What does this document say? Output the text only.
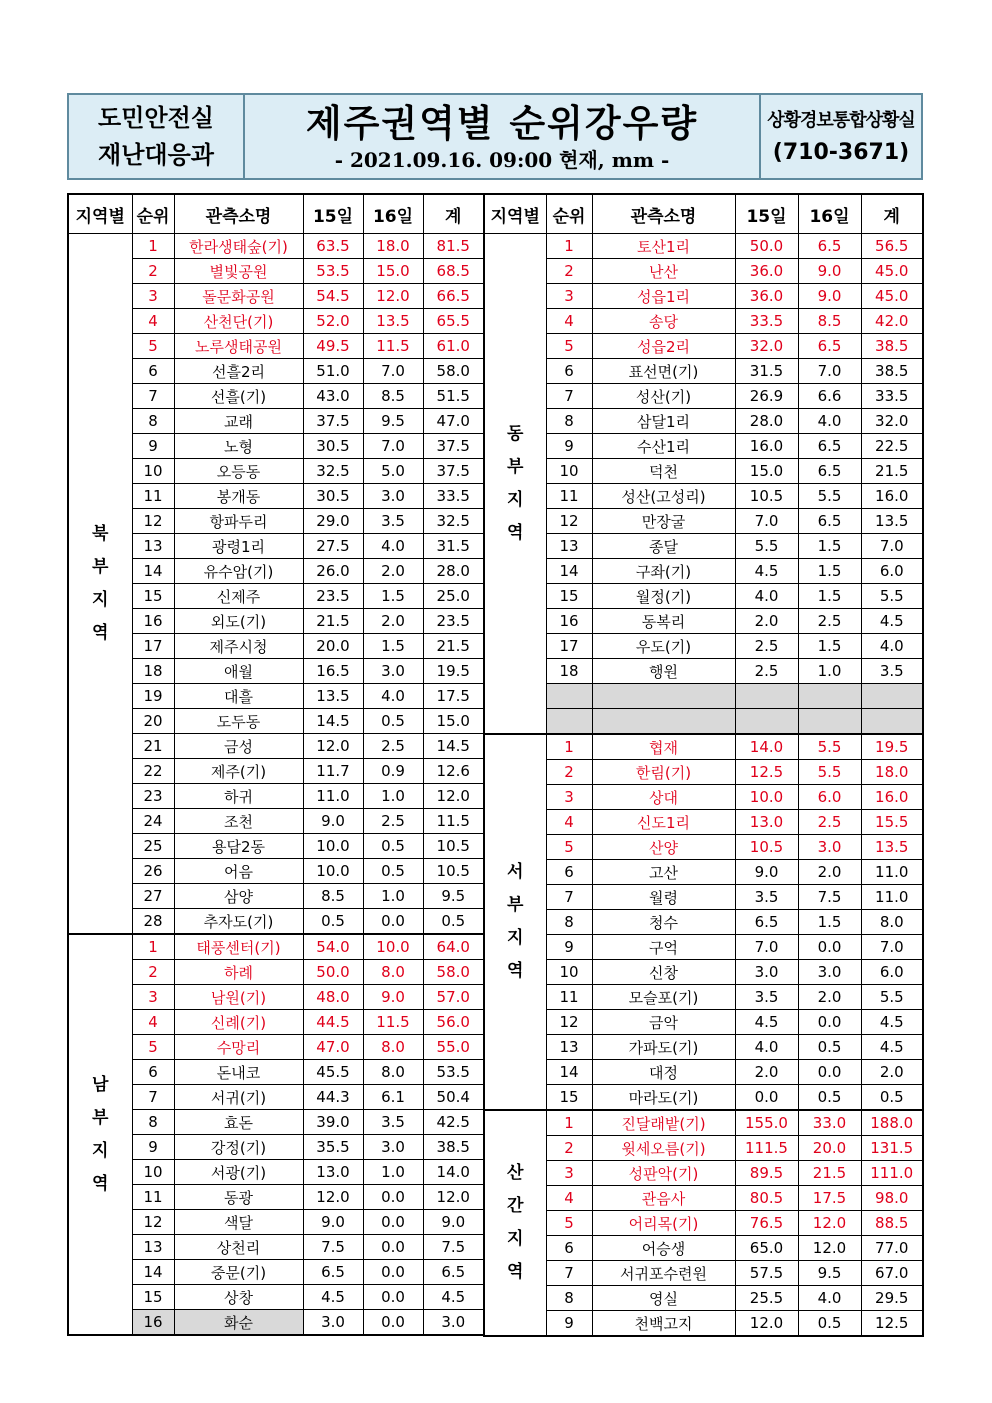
도민안전실
재난대응과
제주권역별 순위강우량
- 2021.09.16. 09:00 현재, mm -
상황경보통합상황실
(710-3671)
지역별	순위	관측소명	15일	16일	계
북
부
지
역	1	한라생태숲(기)	63.5	18.0	81.5
	2	별빛공원	53.5	15.0	68.5
	3	돌문화공원	54.5	12.0	66.5
	4	산천단(기)	52.0	13.5	65.5
	5	노루생태공원	49.5	11.5	61.0
	6	선흘2리	51.0	7.0	58.0
	7	선흘(기)	43.0	8.5	51.5
	8	교래	37.5	9.5	47.0
	9	노형	30.5	7.0	37.5
	10	오등동	32.5	5.0	37.5
	11	봉개동	30.5	3.0	33.5
	12	항파두리	29.0	3.5	32.5
	13	광령1리	27.5	4.0	31.5
	14	유수암(기)	26.0	2.0	28.0
	15	신제주	23.5	1.5	25.0
	16	외도(기)	21.5	2.0	23.5
	17	제주시청	20.0	1.5	21.5
	18	애월	16.5	3.0	19.5
	19	대흘	13.5	4.0	17.5
	20	도두동	14.5	0.5	15.0
	21	금성	12.0	2.5	14.5
	22	제주(기)	11.7	0.9	12.6
	23	하귀	11.0	1.0	12.0
	24	조천	9.0	2.5	11.5
	25	용담2동	10.0	0.5	10.5
	26	어음	10.0	0.5	10.5
	27	삼양	8.5	1.0	9.5
	28	추자도(기)	0.5	0.0	0.5
남
부
지
역	1	태풍센터(기)	54.0	10.0	64.0
	2	하례	50.0	8.0	58.0
	3	남원(기)	48.0	9.0	57.0
	4	신례(기)	44.5	11.5	56.0
	5	수망리	47.0	8.0	55.0
	6	돈내코	45.5	8.0	53.5
	7	서귀(기)	44.3	6.1	50.4
	8	효돈	39.0	3.5	42.5
	9	강정(기)	35.5	3.0	38.5
	10	서광(기)	13.0	1.0	14.0
	11	동광	12.0	0.0	12.0
	12	색달	9.0	0.0	9.0
	13	상천리	7.5	0.0	7.5
	14	중문(기)	6.5	0.0	6.5
	15	상창	4.5	0.0	4.5
	16	화순	3.0	0.0	3.0
지역별	순위	관측소명	15일	16일	계
동
부
지
역	1	토산1리	50.0	6.5	56.5
	2	난산	36.0	9.0	45.0
	3	성읍1리	36.0	9.0	45.0
	4	송당	33.5	8.5	42.0
	5	성읍2리	32.0	6.5	38.5
	6	표선면(기)	31.5	7.0	38.5
	7	성산(기)	26.9	6.6	33.5
	8	삼달1리	28.0	4.0	32.0
	9	수산1리	16.0	6.5	22.5
	10	덕천	15.0	6.5	21.5
	11	성산(고성리)	10.5	5.5	16.0
	12	만장굴	7.0	6.5	13.5
	13	종달	5.5	1.5	7.0
	14	구좌(기)	4.5	1.5	6.0
	15	월정(기)	4.0	1.5	5.5
	16	동복리	2.0	2.5	4.5
	17	우도(기)	2.5	1.5	4.0
	18	행원	2.5	1.0	3.5

서
부
지
역	1	협재	14.0	5.5	19.5
	2	한림(기)	12.5	5.5	18.0
	3	상대	10.0	6.0	16.0
	4	신도1리	13.0	2.5	15.5
	5	산양	10.5	3.0	13.5
	6	고산	9.0	2.0	11.0
	7	월령	3.5	7.5	11.0
	8	청수	6.5	1.5	8.0
	9	구억	7.0	0.0	7.0
	10	신창	3.0	3.0	6.0
	11	모슬포(기)	3.5	2.0	5.5
	12	금악	4.5	0.0	4.5
	13	가파도(기)	4.0	0.5	4.5
	14	대정	2.0	0.0	2.0
	15	마라도(기)	0.0	0.5	0.5
산
간
지
역	1	진달래밭(기)	155.0	33.0	188.0
	2	윗세오름(기)	111.5	20.0	131.5
	3	성판악(기)	89.5	21.5	111.0
	4	관음사	80.5	17.5	98.0
	5	어리목(기)	76.5	12.0	88.5
	6	어승생	65.0	12.0	77.0
	7	서귀포수련원	57.5	9.5	67.0
	8	영실	25.5	4.0	29.5
	9	천백고지	12.0	0.5	12.5
